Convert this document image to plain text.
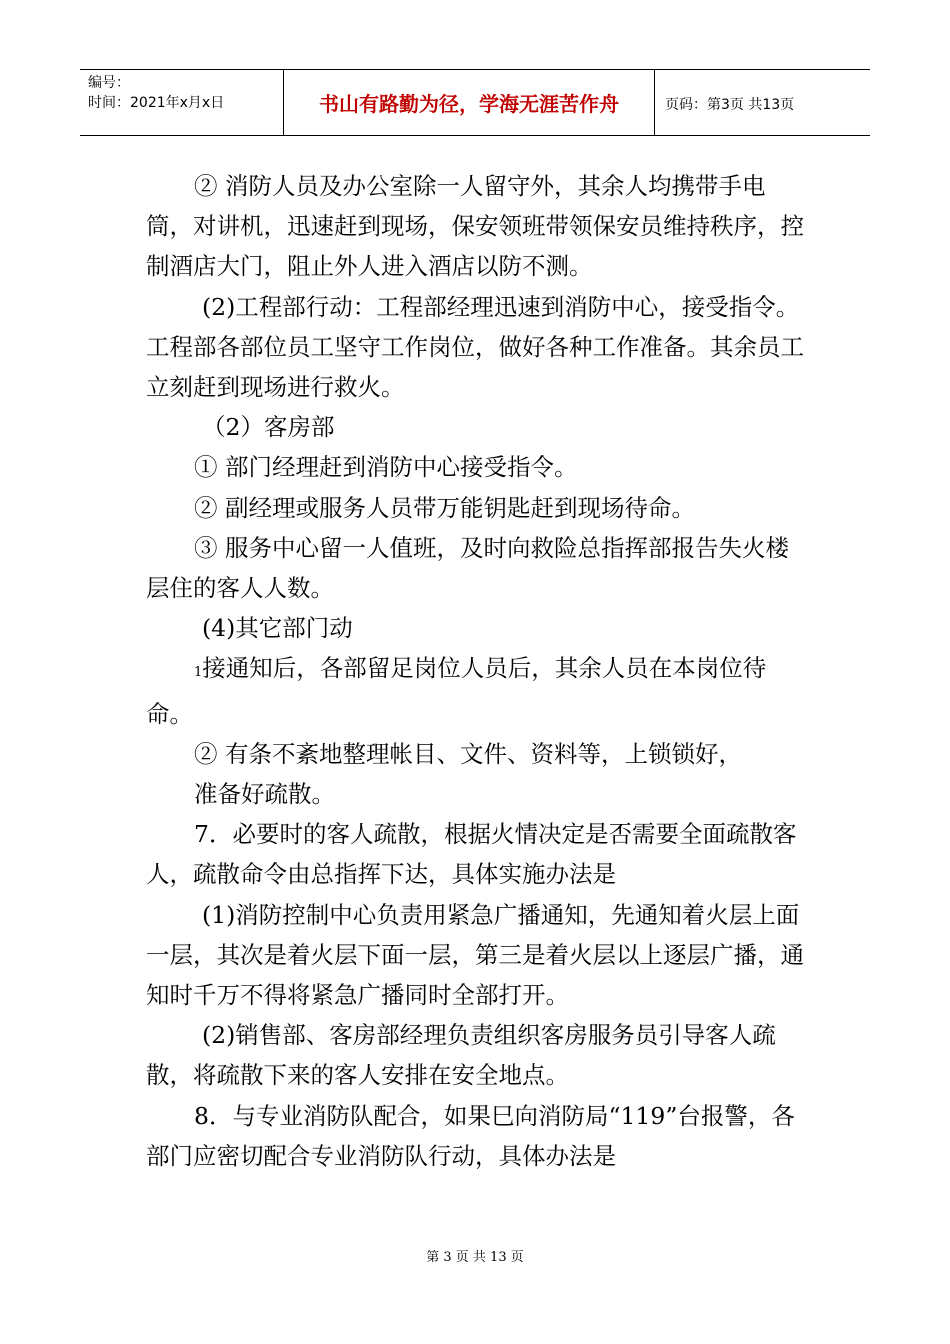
编号：
时间：2021年x月x日	书山有路勤为径，学海无涯苦作舟	页码：第3页 共13页

② 消防人员及办公室除一人留守外，其余人均携带手电筒，对讲机，迅速赶到现场，保安领班带领保安员维持秩序，控制酒店大门，阻止外人进入酒店以防不测。

(2)工程部行动：工程部经理迅速到消防中心，接受指令。工程部各部位员工坚守工作岗位，做好各种工作准备。其余员工立刻赶到现场进行救火。

（2）客房部

① 部门经理赶到消防中心接受指令。

② 副经理或服务人员带万能钥匙赶到现场待命。

③ 服务中心留一人值班，及时向救险总指挥部报告失火楼层住的客人人数。

(4)其它部门动

1接通知后，各部留足岗位人员后，其余人员在本岗位待命。

② 有条不紊地整理帐目、文件、资料等，上锁锁好，

准备好疏散。

7．必要时的客人疏散，根据火情决定是否需要全面疏散客人，疏散命令由总指挥下达，具体实施办法是

(1)消防控制中心负责用紧急广播通知，先通知着火层上面一层，其次是着火层下面一层，第三是着火层以上逐层广播，通知时千万不得将紧急广播同时全部打开。

(2)销售部、客房部经理负责组织客房服务员引导客人疏散，将疏散下来的客人安排在安全地点。

8．与专业消防队配合，如果巳向消防局“119”台报警，各部门应密切配合专业消防队行动，具体办法是

第 3 页 共 13 页
